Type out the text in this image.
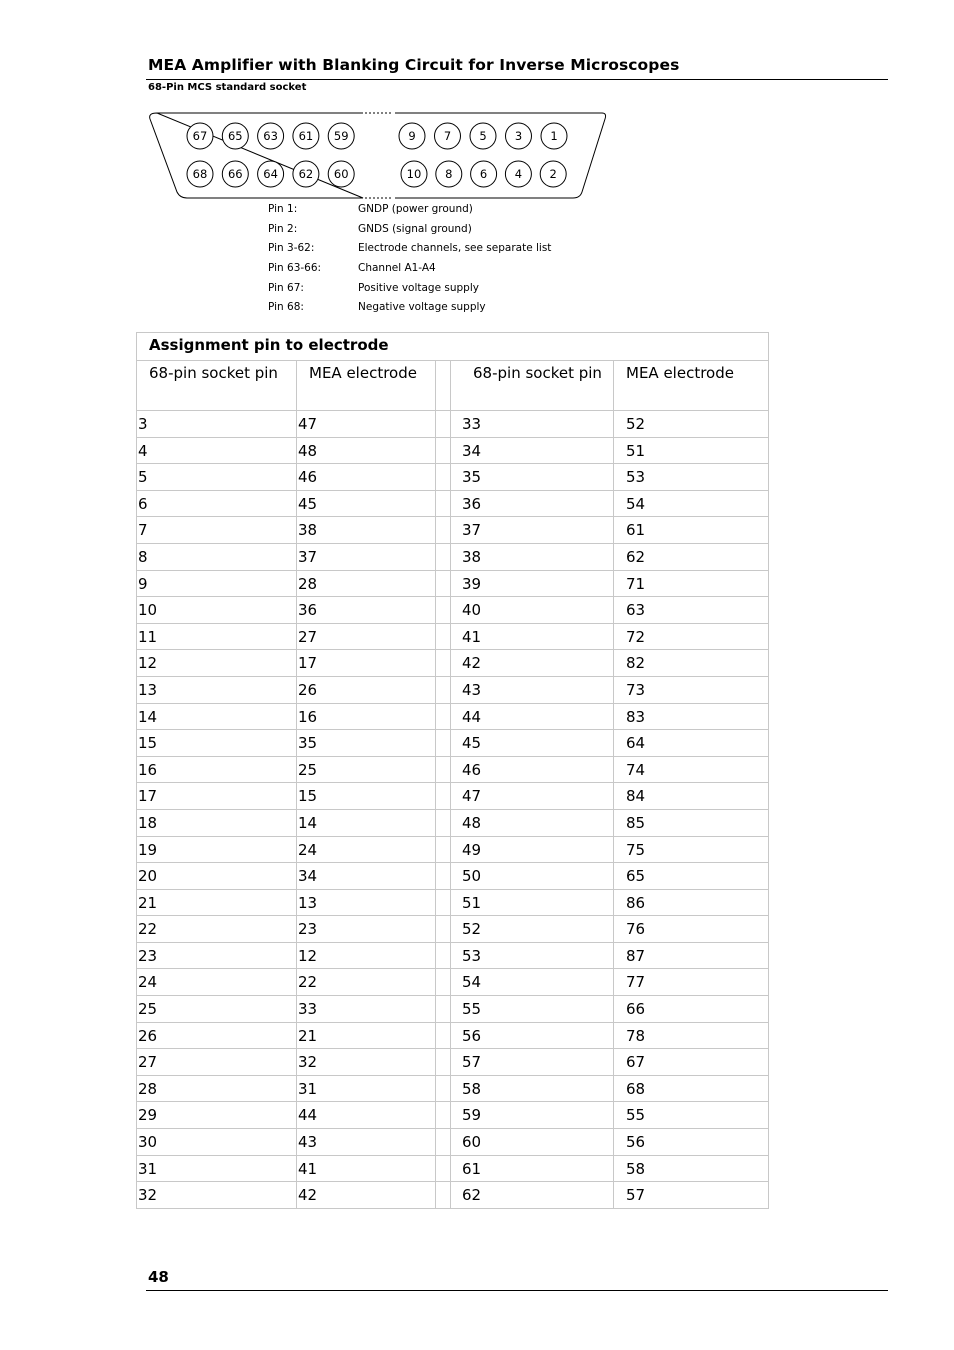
MEA Amplifier with Blanking Circuit for Inverse Microscopes
68-Pin MCS standard socket
67 65 63 61 59
68 66 64 62 60
9 7 5 3 1
10 8 6 4 2
Pin 1:	GNDP (power ground)
Pin 2:	GNDS (signal ground)
Pin 3-62:	Electrode channels, see separate list
Pin 63-66:	Channel A1-A4
Pin 67:	Positive voltage supply
Pin 68:	Negative voltage supply
Assignment pin to electrode				
68-pin socket pin	MEA electrode		68-pin socket pin	MEA electrode
3	47		33	52
4	48		34	51
5	46		35	53
6	45		36	54
7	38		37	61
8	37		38	62
9	28		39	71
10	36		40	63
11	27		41	72
12	17		42	82
13	26		43	73
14	16		44	83
15	35		45	64
16	25		46	74
17	15		47	84
18	14		48	85
19	24		49	75
20	34		50	65
21	13		51	86
22	23		52	76
23	12		53	87
24	22		54	77
25	33		55	66
26	21		56	78
27	32		57	67
28	31		58	68
29	44		59	55
30	43		60	56
31	41		61	58
32	42		62	57
48
